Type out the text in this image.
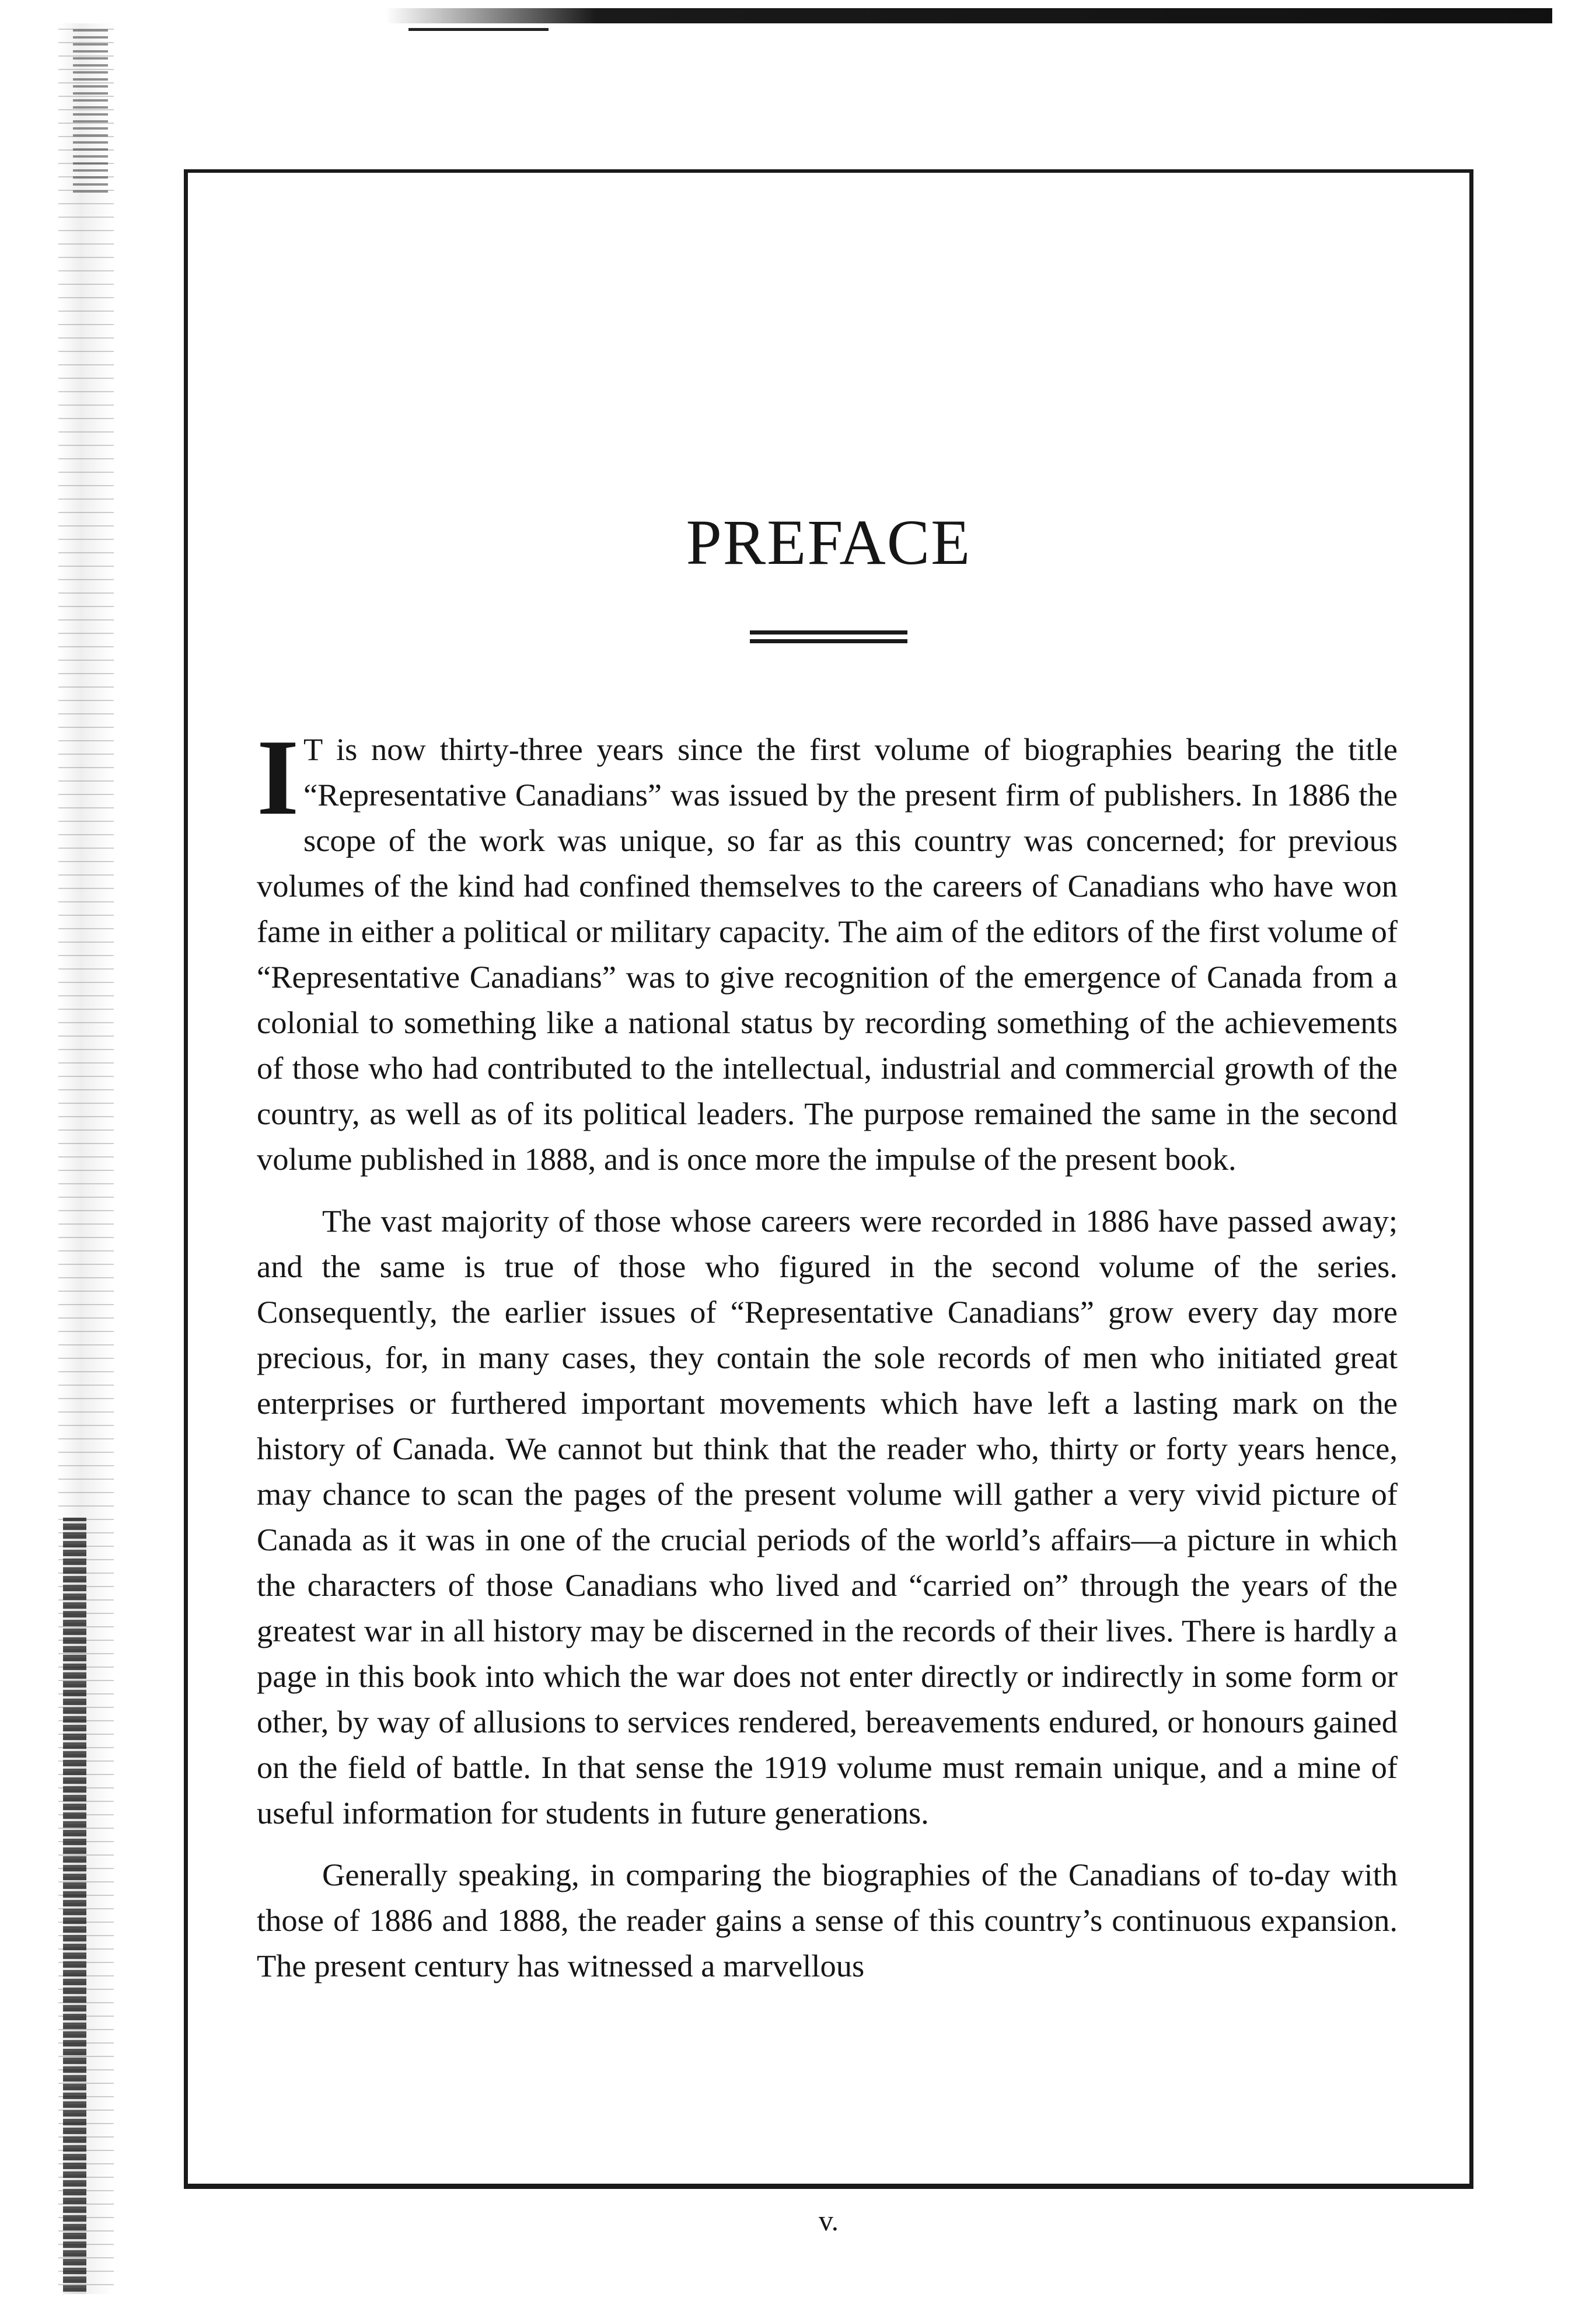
PREFACE

I T is now thirty-three years since the first volume of biographies bearing the title “Representative Canadians” was issued by the present firm of publishers. In 1886 the scope of the work was unique, so far as this country was concerned; for previous volumes of the kind had confined themselves to the careers of Canadians who have won fame in either a political or military capacity. The aim of the editors of the first volume of “Representative Canadians” was to give recognition of the emergence of Canada from a colonial to something like a national status by recording something of the achievements of those who had contributed to the intellectual, industrial and commercial growth of the country, as well as of its political leaders. The purpose remained the same in the second volume published in 1888, and is once more the impulse of the present book.

The vast majority of those whose careers were recorded in 1886 have passed away; and the same is true of those who figured in the second volume of the series. Consequently, the earlier issues of “Representative Canadians” grow every day more precious, for, in many cases, they contain the sole records of men who initiated great enterprises or furthered important movements which have left a lasting mark on the history of Canada. We cannot but think that the reader who, thirty or forty years hence, may chance to scan the pages of the present volume will gather a very vivid picture of Canada as it was in one of the crucial periods of the world’s affairs—a picture in which the characters of those Canadians who lived and “carried on” through the years of the greatest war in all history may be discerned in the records of their lives. There is hardly a page in this book into which the war does not enter directly or indirectly in some form or other, by way of allusions to services rendered, bereavements endured, or honours gained on the field of battle. In that sense the 1919 volume must remain unique, and a mine of useful information for students in future generations.

Generally speaking, in comparing the biographies of the Canadians of to-day with those of 1886 and 1888, the reader gains a sense of this country’s continuous expansion. The present century has witnessed a marvellous

v.
